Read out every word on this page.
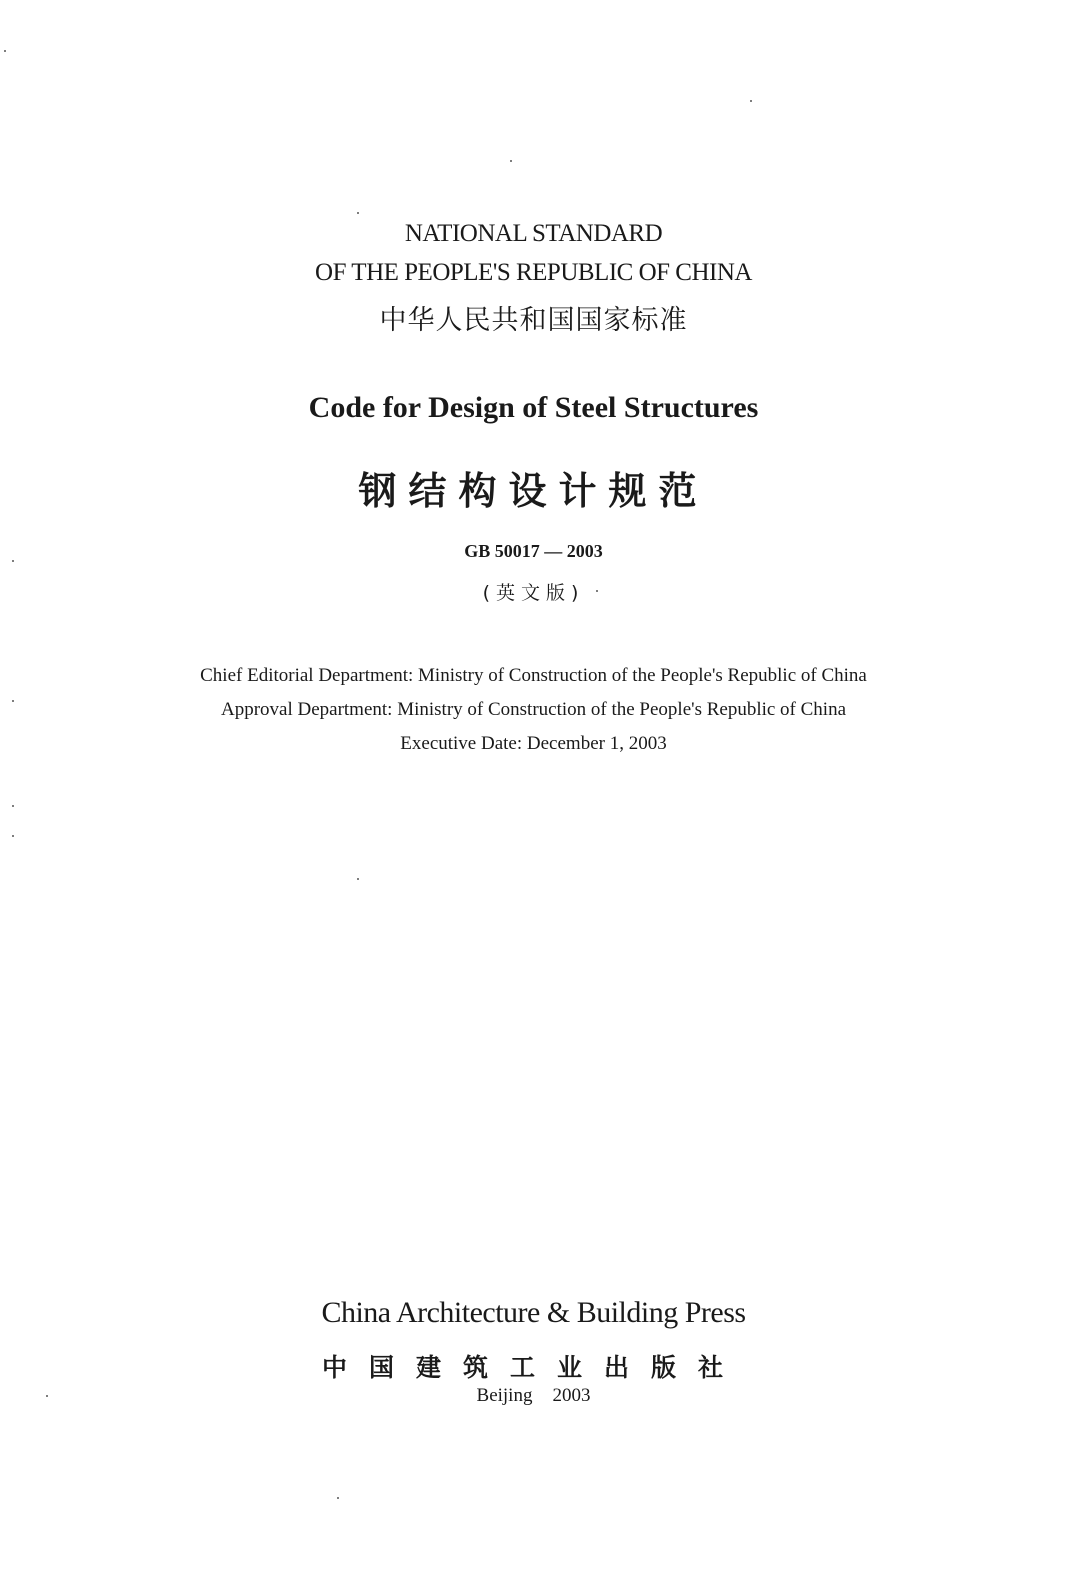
NATIONAL STANDARD
OF THE PEOPLE'S REPUBLIC OF CHINA
中华人民共和国国家标准
Code for Design of Steel Structures
钢结构设计规范
GB 50017 — 2003
(英文版)
Chief Editorial Department: Ministry of Construction of the People's Republic of China
Approval Department: Ministry of Construction of the People's Republic of China
Executive Date: December 1, 2003
China Architecture & Building Press
中国建筑工业出版社
Beijing 2003
